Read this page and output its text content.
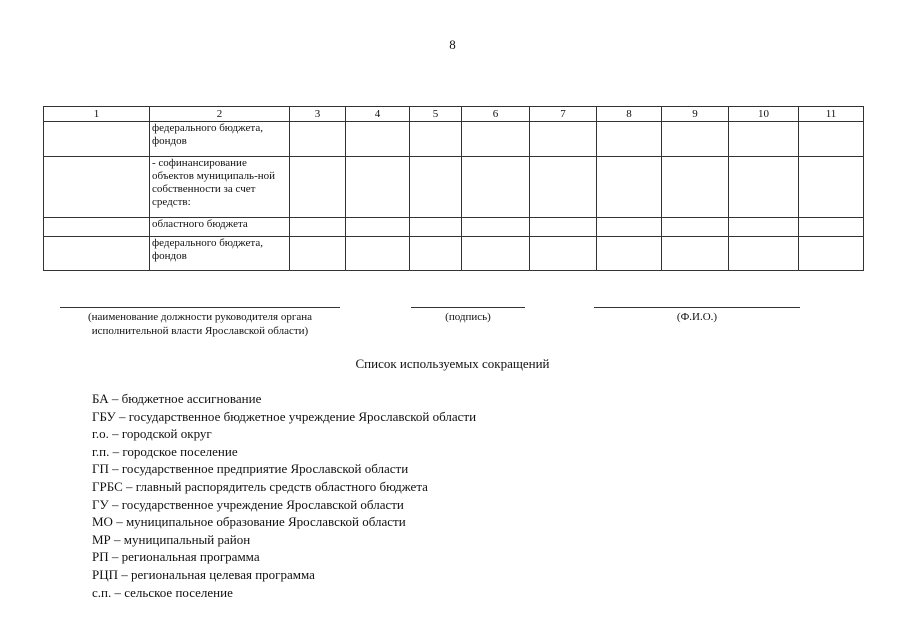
8
1	2	3	4	5	6	7	8	9	10	11
	федерального бюджета, фондов									
	- софинансирование объектов муниципаль-ной собственности за счет средств:									
	областного бюджета									
	федерального бюджета, фондов									
(наименование должности руководителя органа исполнительной власти Ярославской области)
(подпись)	(Ф.И.О.)
Список используемых сокращений
БА – бюджетное ассигнование
ГБУ – государственное бюджетное учреждение Ярославской области
г.о. – городской округ
г.п. – городское поселение
ГП – государственное предприятие Ярославской области
ГРБС – главный распорядитель средств областного бюджета
ГУ – государственное учреждение Ярославской области
МО – муниципальное образование Ярославской области
МР – муниципальный район
РП – региональная программа
РЦП – региональная целевая программа
с.п. – сельское поселение
